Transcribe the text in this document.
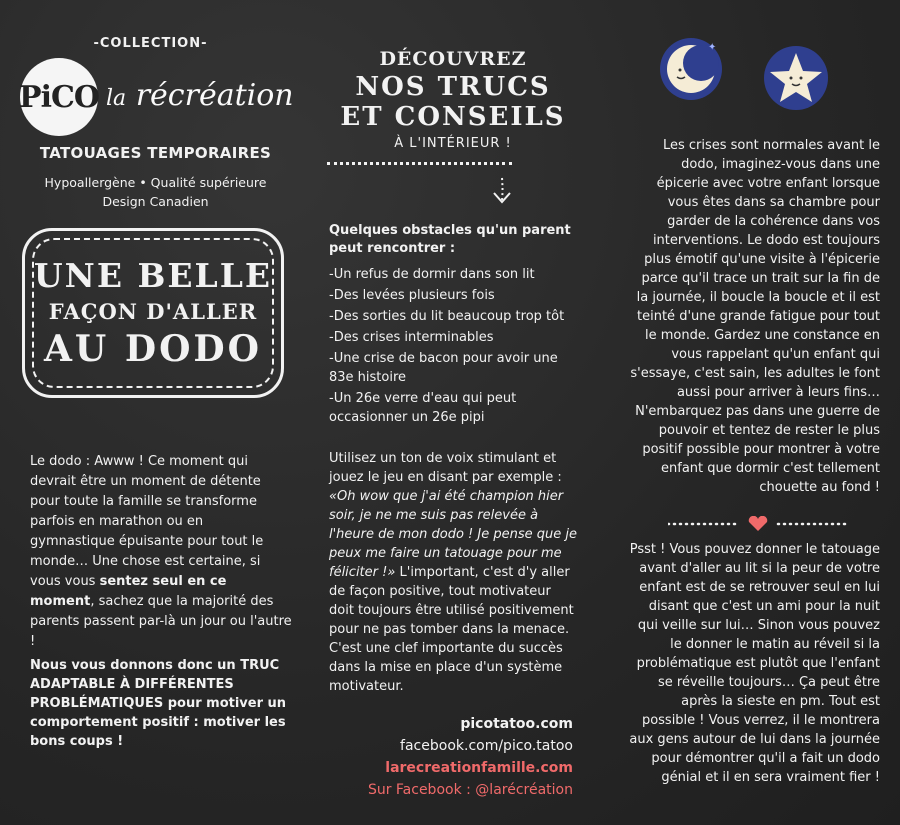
-COLLECTION-
PiCO la récréation
TATOUAGES TEMPORAIRES
Hypoallergène • Qualité supérieure
Design Canadien
UNE BELLE
FAÇON D'ALLER
AU DODO

Le dodo : Awww ! Ce moment qui devrait être un moment de détente pour toute la famille se transforme parfois en marathon ou en gymnastique épuisante pour tout le monde… Une chose est certaine, si vous vous sentez seul en ce moment, sachez que la majorité des parents passent par-là un jour ou l'autre !

Nous vous donnons donc un TRUC ADAPTABLE À DIFFÉRENTES PROBLÉMATIQUES pour motiver un comportement positif : motiver les bons coups !

DÉCOUVREZ
NOS TRUCS
ET CONSEILS
À L'INTÉRIEUR !
Quelques obstacles qu'un parent peut rencontrer :
-Un refus de dormir dans son lit
-Des levées plusieurs fois
-Des sorties du lit beaucoup trop tôt
-Des crises interminables
-Une crise de bacon pour avoir une 83e histoire
-Un 26e verre d'eau qui peut occasionner un 26e pipi

Utilisez un ton de voix stimulant et jouez le jeu en disant par exemple : «Oh wow que j'ai été champion hier soir, je ne me suis pas relevée à l'heure de mon dodo ! Je pense que je peux me faire un tatouage pour me féliciter !» L'important, c'est d'y aller de façon positive, tout motivateur doit toujours être utilisé positivement pour ne pas tomber dans la menace. C'est une clef importante du succès dans la mise en place d'un système motivateur.

picotatoo.com
facebook.com/pico.tatoo
larecreationfamille.com
Sur Facebook : @larécréation
✦

Les crises sont normales avant le dodo, imaginez-vous dans une épicerie avec votre enfant lorsque vous êtes dans sa chambre pour garder de la cohérence dans vos interventions. Le dodo est toujours plus émotif qu'une visite à l'épicerie parce qu'il trace un trait sur la fin de la journée, il boucle la boucle et il est teinté d'une grande fatigue pour tout le monde. Gardez une constance en vous rappelant qu'un enfant qui s'essaye, c'est sain, les adultes le font aussi pour arriver à leurs fins… N'embarquez pas dans une guerre de pouvoir et tentez de rester le plus positif possible pour montrer à votre enfant que dormir c'est tellement chouette au fond !

Psst ! Vous pouvez donner le tatouage avant d'aller au lit si la peur de votre enfant est de se retrouver seul en lui disant que c'est un ami pour la nuit qui veille sur lui… Sinon vous pouvez le donner le matin au réveil si la problématique est plutôt que l'enfant se réveille toujours… Ça peut être après la sieste en pm. Tout est possible ! Vous verrez, il le montrera aux gens autour de lui dans la journée pour démontrer qu'il a fait un dodo génial et il en sera vraiment fier !
